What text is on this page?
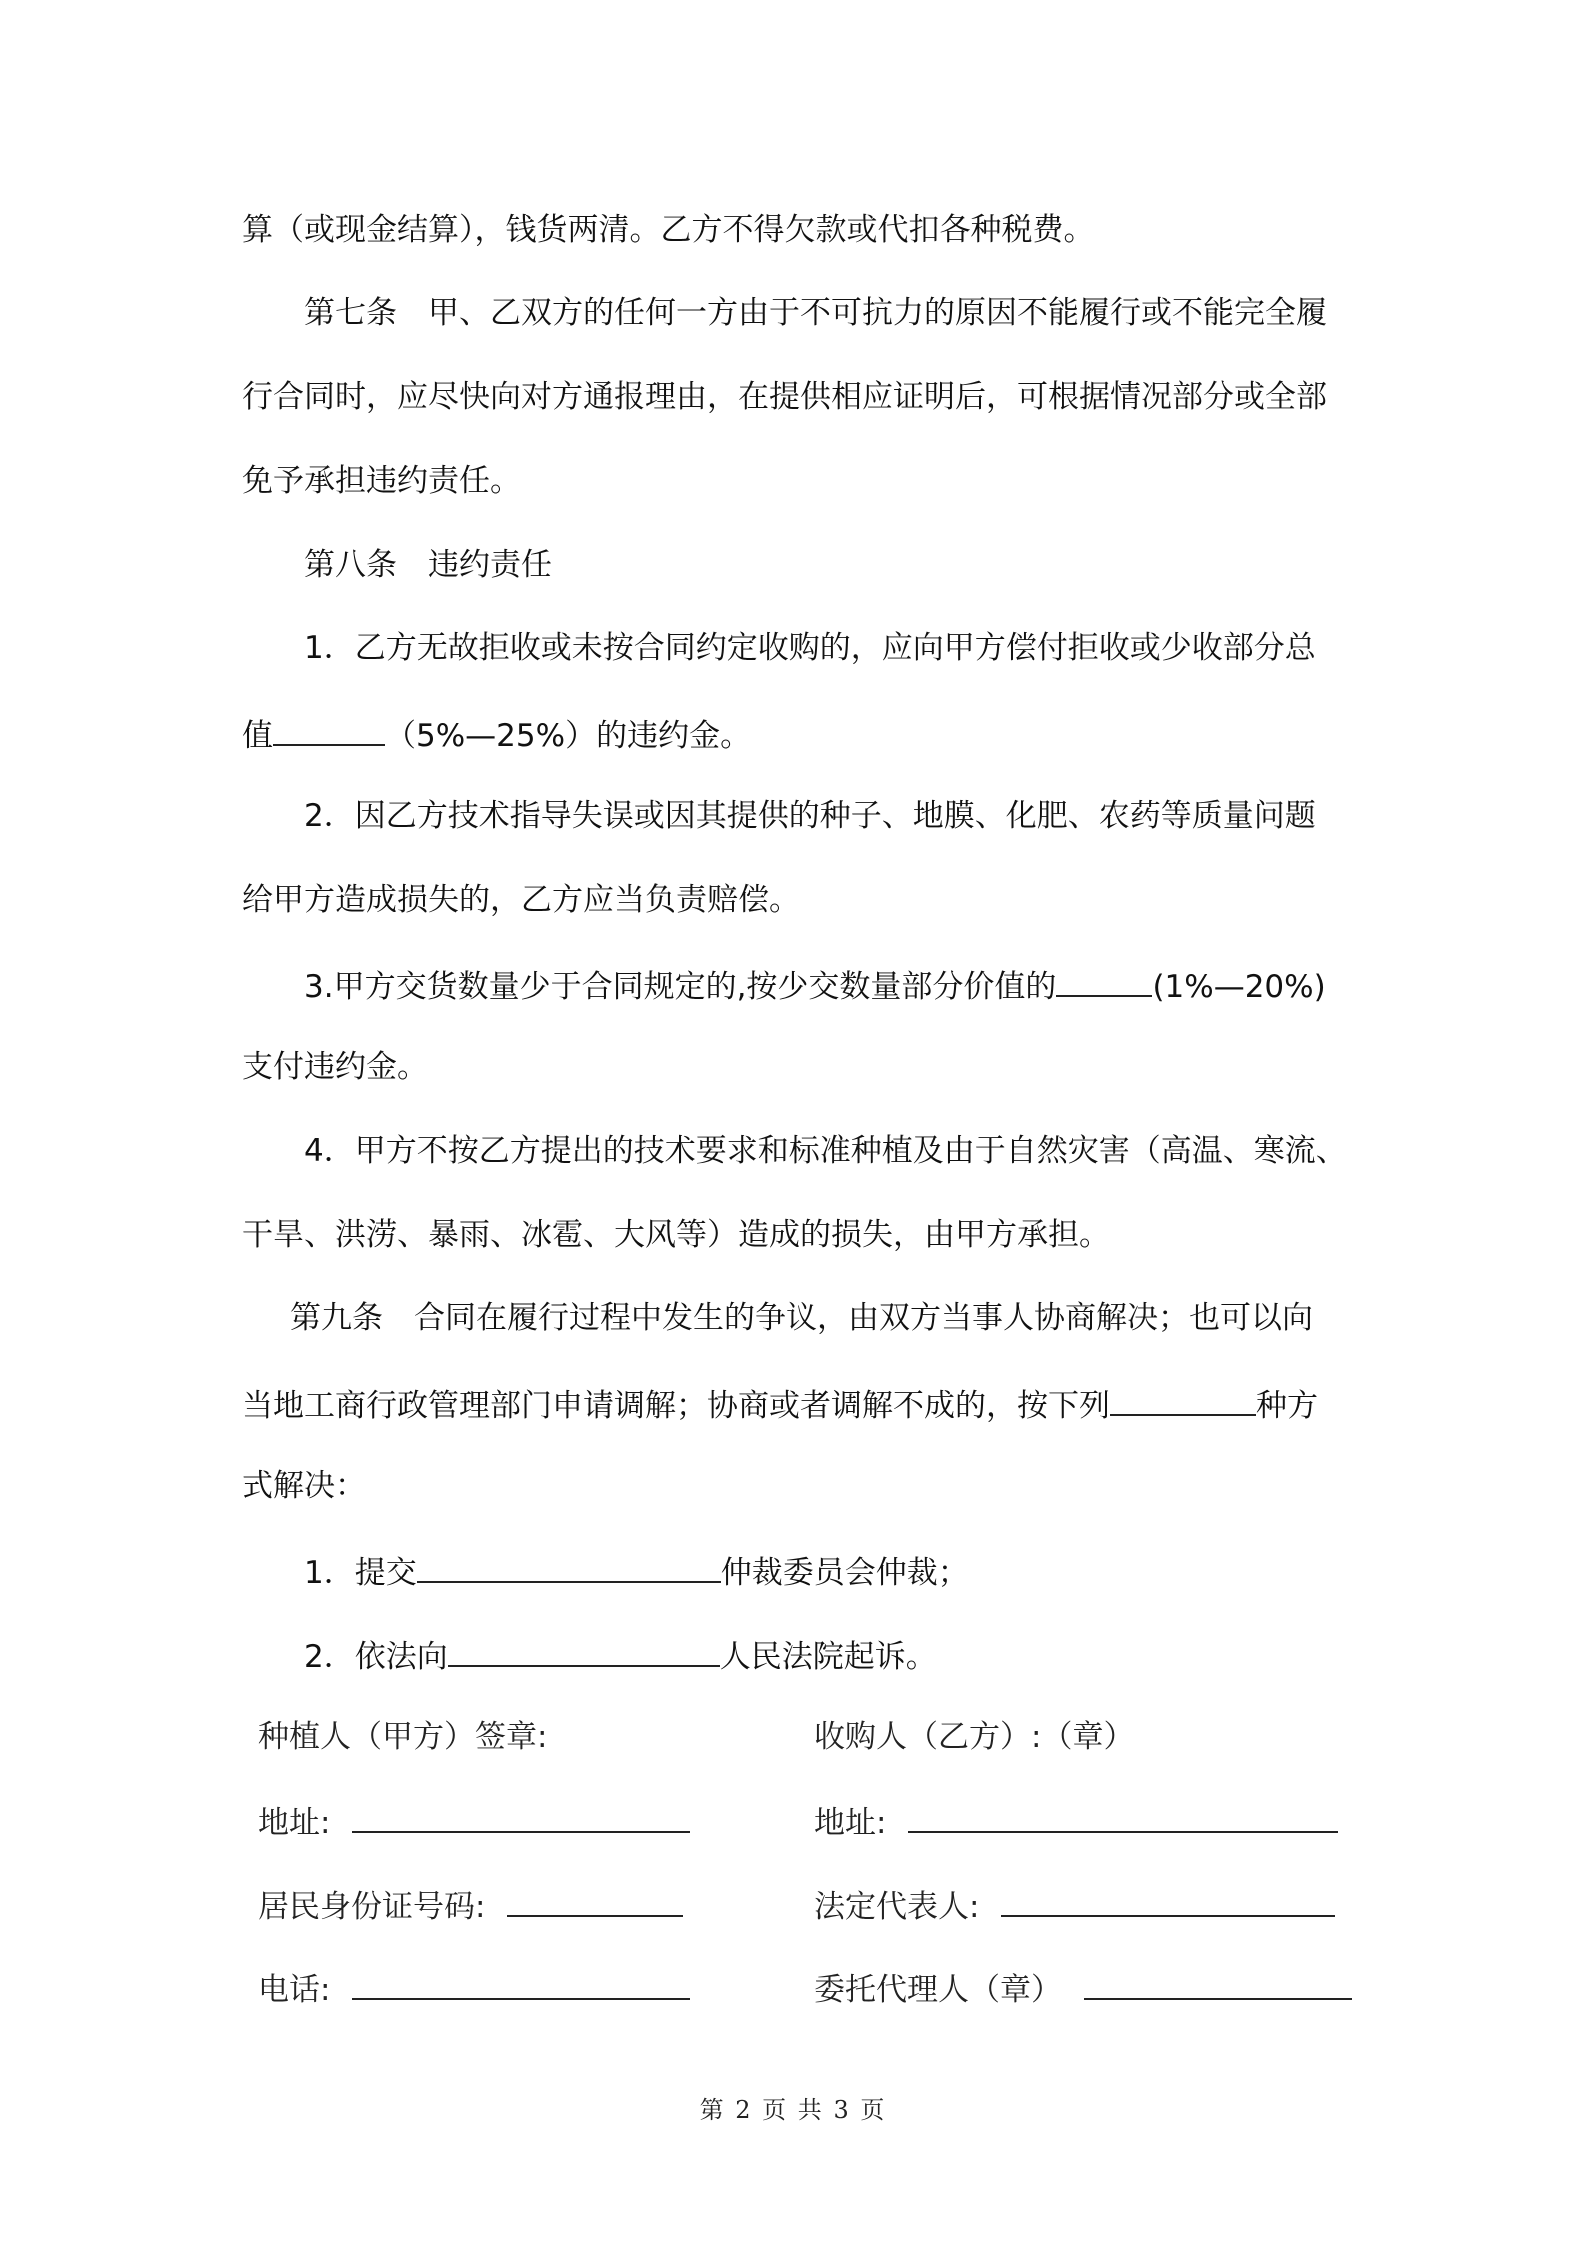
算（或现金结算），钱货两清。乙方不得欠款或代扣各种税费。
第七条　甲、乙双方的任何一方由于不可抗力的原因不能履行或不能完全履
行合同时，应尽快向对方通报理由，在提供相应证明后，可根据情况部分或全部
免予承担违约责任。
第八条　违约责任
1．乙方无故拒收或未按合同约定收购的，应向甲方偿付拒收或少收部分总
值	（5%—25%）的违约金。
2．因乙方技术指导失误或因其提供的种子、地膜、化肥、农药等质量问题
给甲方造成损失的，乙方应当负责赔偿。
3.甲方交货数量少于合同规定的,按少交数量部分价值的	(1%—20%)
支付违约金。
4．甲方不按乙方提出的技术要求和标准种植及由于自然灾害（高温、寒流、
干旱、洪涝、暴雨、冰雹、大风等）造成的损失，由甲方承担。
第九条　合同在履行过程中发生的争议，由双方当事人协商解决；也可以向
当地工商行政管理部门申请调解；协商或者调解不成的，按下列	种方
式解决：
1．提交	仲裁委员会仲裁；
2．依法向	人民法院起诉。
种植人（甲方）签章:	收购人（乙方）:（章）
地址:	地址:
居民身份证号码:	法定代表人:
电话:	委托代理人（章）
第 2 页 共 3 页
